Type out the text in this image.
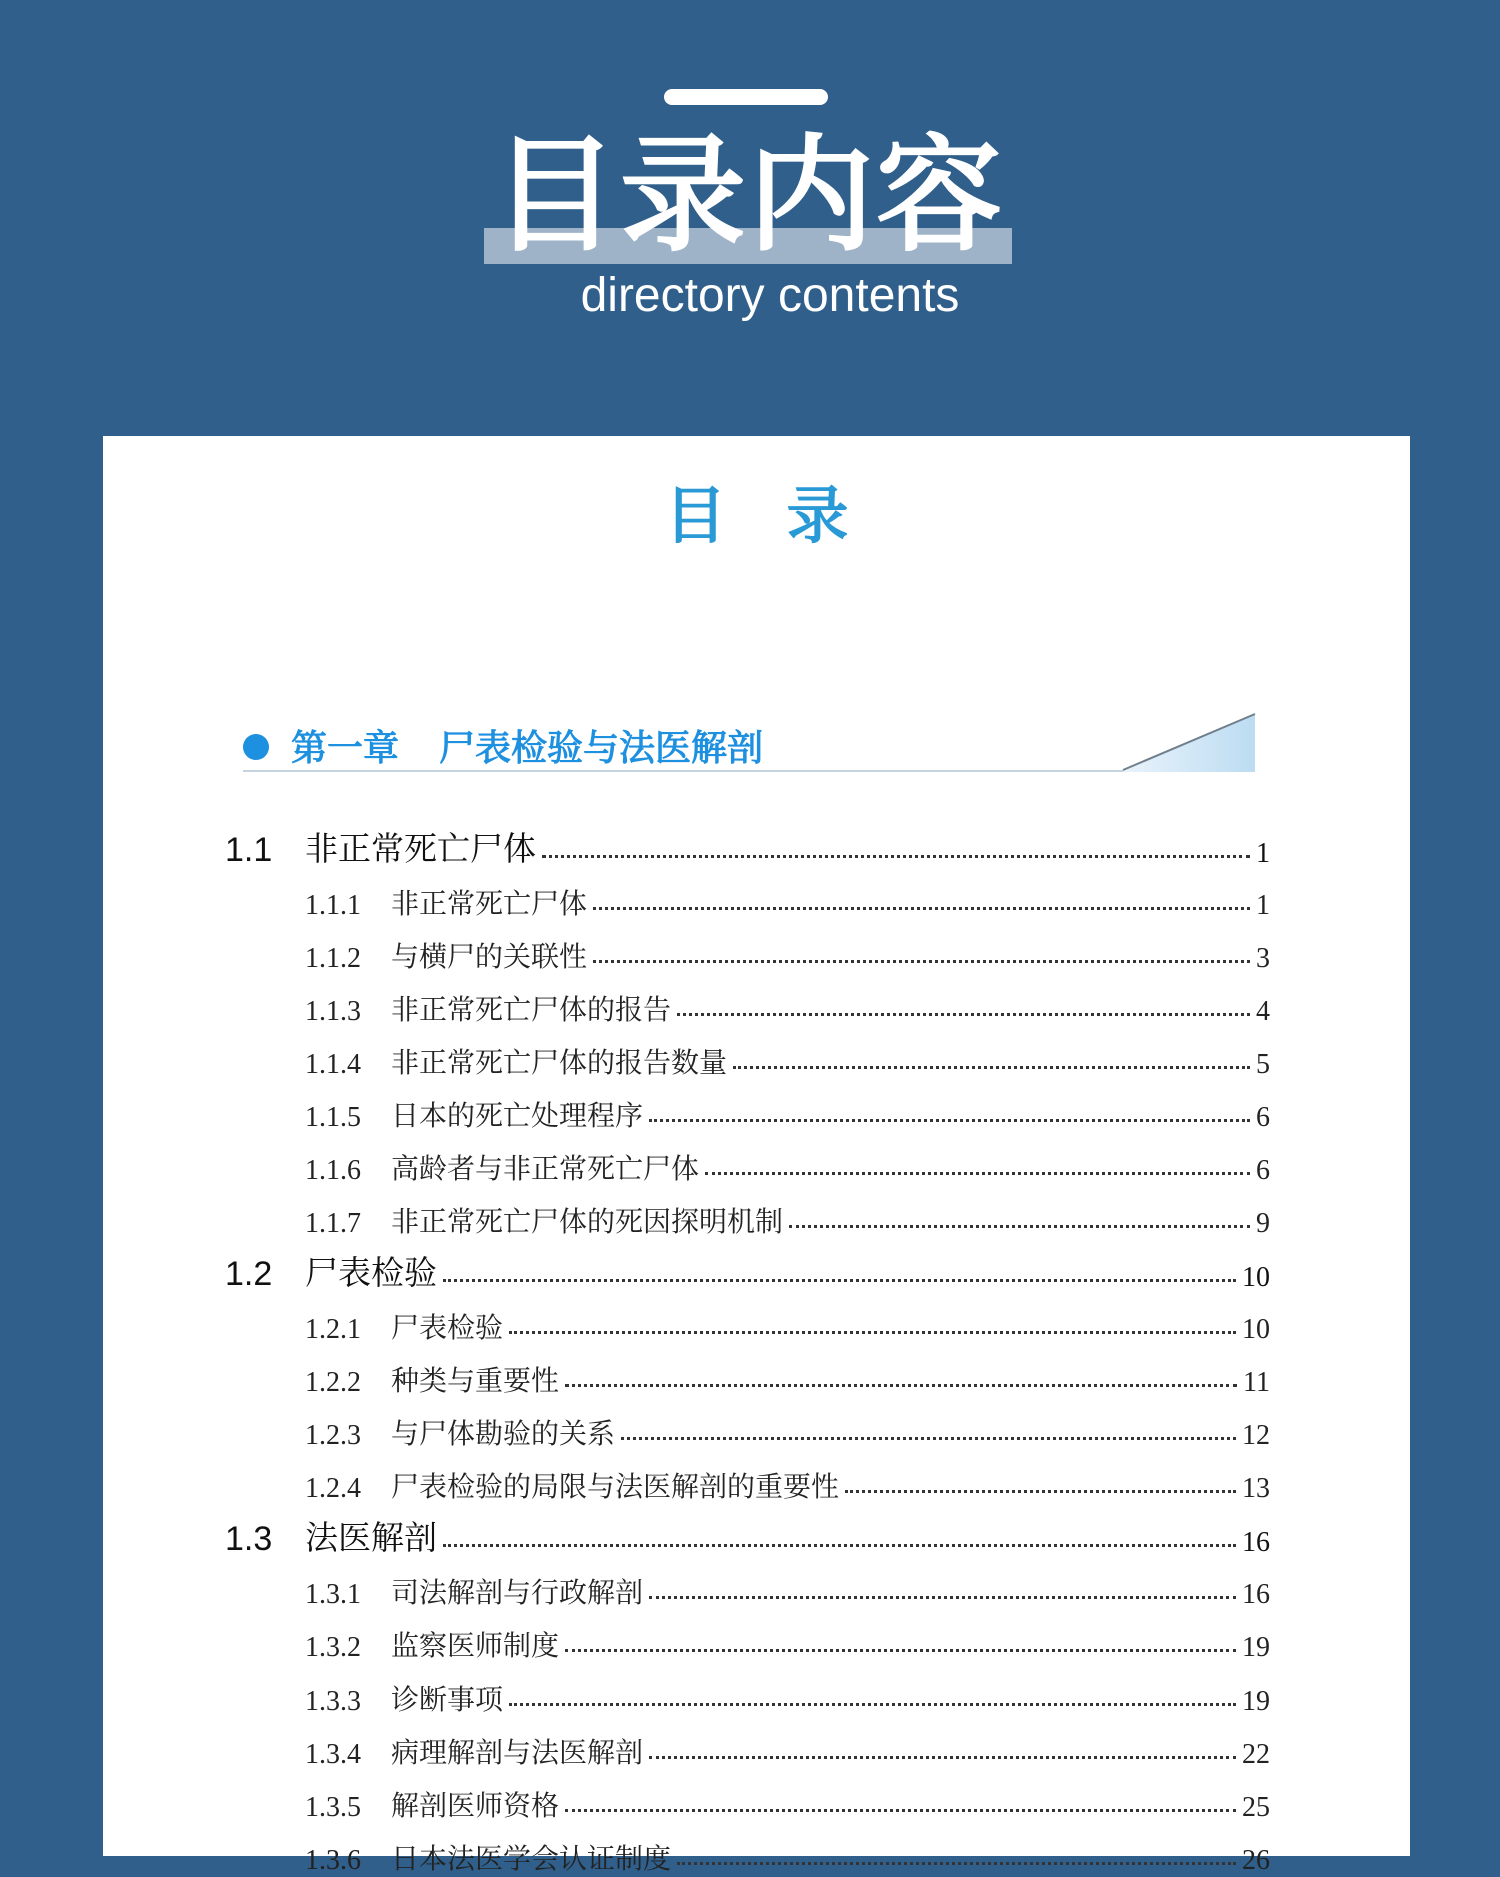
目录内容
directory contents
目录
第一章 尸表检验与法医解剖
1.1 非正常死亡尸体	1
1.1.1	非正常死亡尸体	1
1.1.2	与横尸的关联性	3
1.1.3	非正常死亡尸体的报告	4
1.1.4	非正常死亡尸体的报告数量	5
1.1.5	日本的死亡处理程序	6
1.1.6	高龄者与非正常死亡尸体	6
1.1.7	非正常死亡尸体的死因探明机制	9
1.2 尸表检验	10
1.2.1	尸表检验	10
1.2.2	种类与重要性	11
1.2.3	与尸体勘验的关系	12
1.2.4	尸表检验的局限与法医解剖的重要性	13
1.3 法医解剖	16
1.3.1	司法解剖与行政解剖	16
1.3.2	监察医师制度	19
1.3.3	诊断事项	19
1.3.4	病理解剖与法医解剖	22
1.3.5	解剖医师资格	25
1.3.6	日本法医学会认证制度	26
